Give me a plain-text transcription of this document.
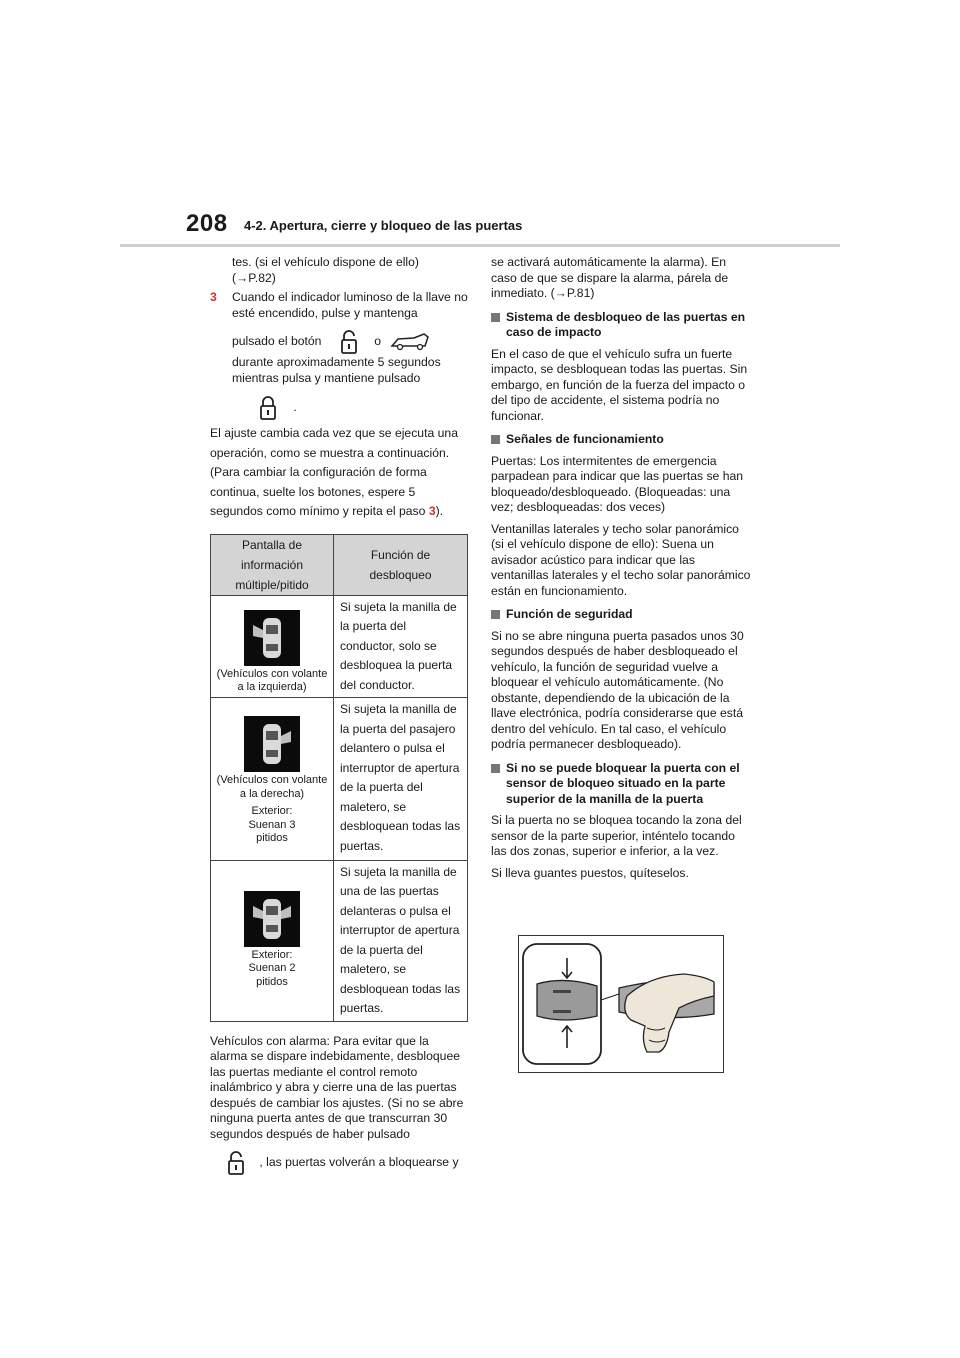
208 4-2. Apertura, cierre y bloqueo de las puertas

tes. (si el vehículo dispone de ello)

(→P.82)

3	Cuando el indicador luminoso de la llave no esté encendido, pulse y mantenga

pulsado el botón	o

durante aproximadamente 5 segundos mientras pulsa y mantiene pulsado

.

El ajuste cambia cada vez que se ejecuta una operación, como se muestra a continuación. (Para cambiar la configuración de forma continua, suelte los botones, espere 5 segundos como mínimo y repita el paso 3).

Pantalla de información múltiple/pitido	Función de desbloqueo

(Vehículos con volante a la izquierda)	Si sujeta la manilla de la puerta del conductor, solo se desbloquea la puerta del conductor.

(Vehículos con volante a la derecha)
Exterior: Suenan 3 pitidos	Si sujeta la manilla de la puerta del pasajero delantero o pulsa el interruptor de apertura de la puerta del maletero, se desbloquean todas las puertas.

Exterior: Suenan 2 pitidos	Si sujeta la manilla de una de las puertas delanteras o pulsa el interruptor de apertura de la puerta del maletero, se desbloquean todas las puertas.

Vehículos con alarma: Para evitar que la alarma se dispare indebidamente, desbloquee las puertas mediante el control remoto inalámbrico y abra y cierre una de las puertas después de cambiar los ajustes. (Si no se abre ninguna puerta antes de que transcurran 30 segundos después de haber pulsado

, las puertas volverán a bloquearse y

se activará automáticamente la alarma). En caso de que se dispare la alarma, párela de inmediato. (→P.81)

Sistema de desbloqueo de las puertas en caso de impacto

En el caso de que el vehículo sufra un fuerte impacto, se desbloquean todas las puertas. Sin embargo, en función de la fuerza del impacto o del tipo de accidente, el sistema podría no funcionar.

Señales de funcionamiento

Puertas: Los intermitentes de emergencia parpadean para indicar que las puertas se han bloqueado/desbloqueado. (Bloqueadas: una vez; desbloqueadas: dos veces)

Ventanillas laterales y techo solar panorámico (si el vehículo dispone de ello): Suena un avisador acústico para indicar que las ventanillas laterales y el techo solar panorámico están en funcionamiento.

Función de seguridad

Si no se abre ninguna puerta pasados unos 30 segundos después de haber desbloqueado el vehículo, la función de seguridad vuelve a bloquear el vehículo automáticamente. (No obstante, dependiendo de la ubicación de la llave electrónica, podría considerarse que está dentro del vehículo. En tal caso, el vehículo podría permanecer desbloqueado).

Si no se puede bloquear la puerta con el sensor de bloqueo situado en la parte superior de la manilla de la puerta

Si la puerta no se bloquea tocando la zona del sensor de la parte superior, inténtelo tocando las dos zonas, superior e inferior, a la vez.

Si lleva guantes puestos, quíteselos.
